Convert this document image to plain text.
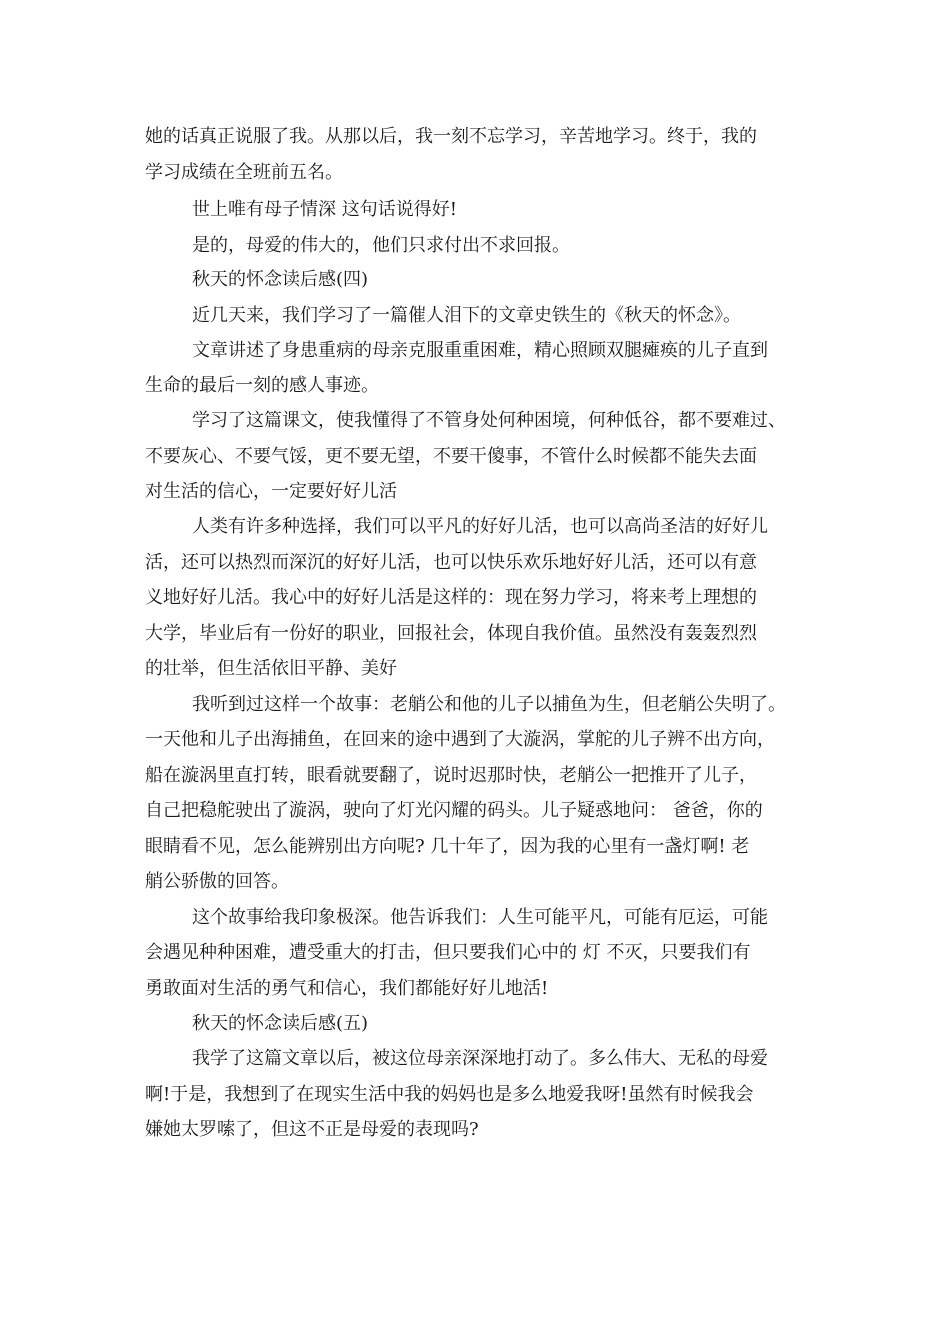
她的话真正说服了我。从那以后，我一刻不忘学习，辛苦地学习。终于，我的
学习成绩在全班前五名。
世上唯有母子情深 这句话说得好!
是的，母爱的伟大的，他们只求付出不求回报。
秋天的怀念读后感(四)
近几天来，我们学习了一篇催人泪下的文章史铁生的《秋天的怀念》。
文章讲述了身患重病的母亲克服重重困难，精心照顾双腿瘫痪的儿子直到
生命的最后一刻的感人事迹。
学习了这篇课文，使我懂得了不管身处何种困境，何种低谷，都不要难过、
不要灰心、不要气馁，更不要无望，不要干傻事，不管什么时候都不能失去面
对生活的信心，一定要好好儿活
人类有许多种选择，我们可以平凡的好好儿活，也可以高尚圣洁的好好儿
活，还可以热烈而深沉的好好儿活，也可以快乐欢乐地好好儿活，还可以有意
义地好好儿活。我心中的好好儿活是这样的：现在努力学习，将来考上理想的
大学，毕业后有一份好的职业，回报社会，体现自我价值。虽然没有轰轰烈烈
的壮举，但生活依旧平静、美好
我听到过这样一个故事：老艄公和他的儿子以捕鱼为生，但老艄公失明了。
一天他和儿子出海捕鱼，在回来的途中遇到了大漩涡，掌舵的儿子辨不出方向，
船在漩涡里直打转，眼看就要翻了，说时迟那时快，老艄公一把推开了儿子，
自己把稳舵驶出了漩涡，驶向了灯光闪耀的码头。儿子疑惑地问： 爸爸，你的
眼睛看不见，怎么能辨别出方向呢? 几十年了，因为我的心里有一盏灯啊! 老
艄公骄傲的回答。
这个故事给我印象极深。他告诉我们：人生可能平凡，可能有厄运，可能
会遇见种种困难，遭受重大的打击，但只要我们心中的 灯 不灭，只要我们有
勇敢面对生活的勇气和信心，我们都能好好儿地活!
秋天的怀念读后感(五)
我学了这篇文章以后，被这位母亲深深地打动了。多么伟大、无私的母爱
啊!于是，我想到了在现实生活中我的妈妈也是多么地爱我呀!虽然有时候我会
嫌她太罗嗦了，但这不正是母爱的表现吗?
